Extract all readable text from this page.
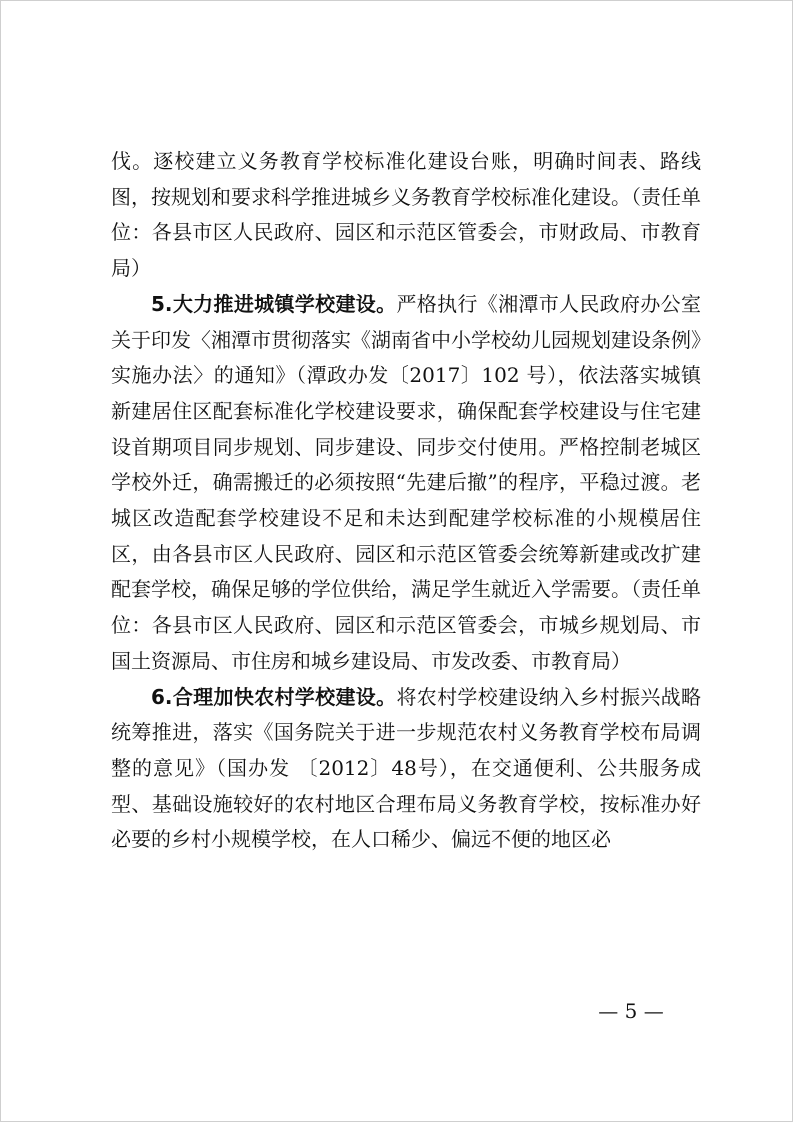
伐。逐校建立义务教育学校标准化建设台账，明确时间表、路线图，按规划和要求科学推进城乡义务教育学校标准化建设。（责任单位：各县市区人民政府、园区和示范区管委会，市财政局、市教育局）

5.大力推进城镇学校建设。严格执行《湘潭市人民政府办公室关于印发〈湘潭市贯彻落实《湖南省中小学校幼儿园规划建设条例》实施办法〉的通知》（潭政办发〔2017〕102 号），依法落实城镇新建居住区配套标准化学校建设要求，确保配套学校建设与住宅建设首期项目同步规划、同步建设、同步交付使用。严格控制老城区学校外迁，确需搬迁的必须按照“先建后撤”的程序，平稳过渡。老城区改造配套学校建设不足和未达到配建学校标准的小规模居住区，由各县市区人民政府、园区和示范区管委会统筹新建或改扩建配套学校，确保足够的学位供给，满足学生就近入学需要。（责任单位：各县市区人民政府、园区和示范区管委会，市城乡规划局、市国土资源局、市住房和城乡建设局、市发改委、市教育局）

6.合理加快农村学校建设。将农村学校建设纳入乡村振兴战略统筹推进，落实《国务院关于进一步规范农村义务教育学校布局调整的意见》（国办发 〔2012〕48号），在交通便利、公共服务成型、基础设施较好的农村地区合理布局义务教育学校，按标准办好必要的乡村小规模学校，在人口稀少、偏远不便的地区必

— 5 —
